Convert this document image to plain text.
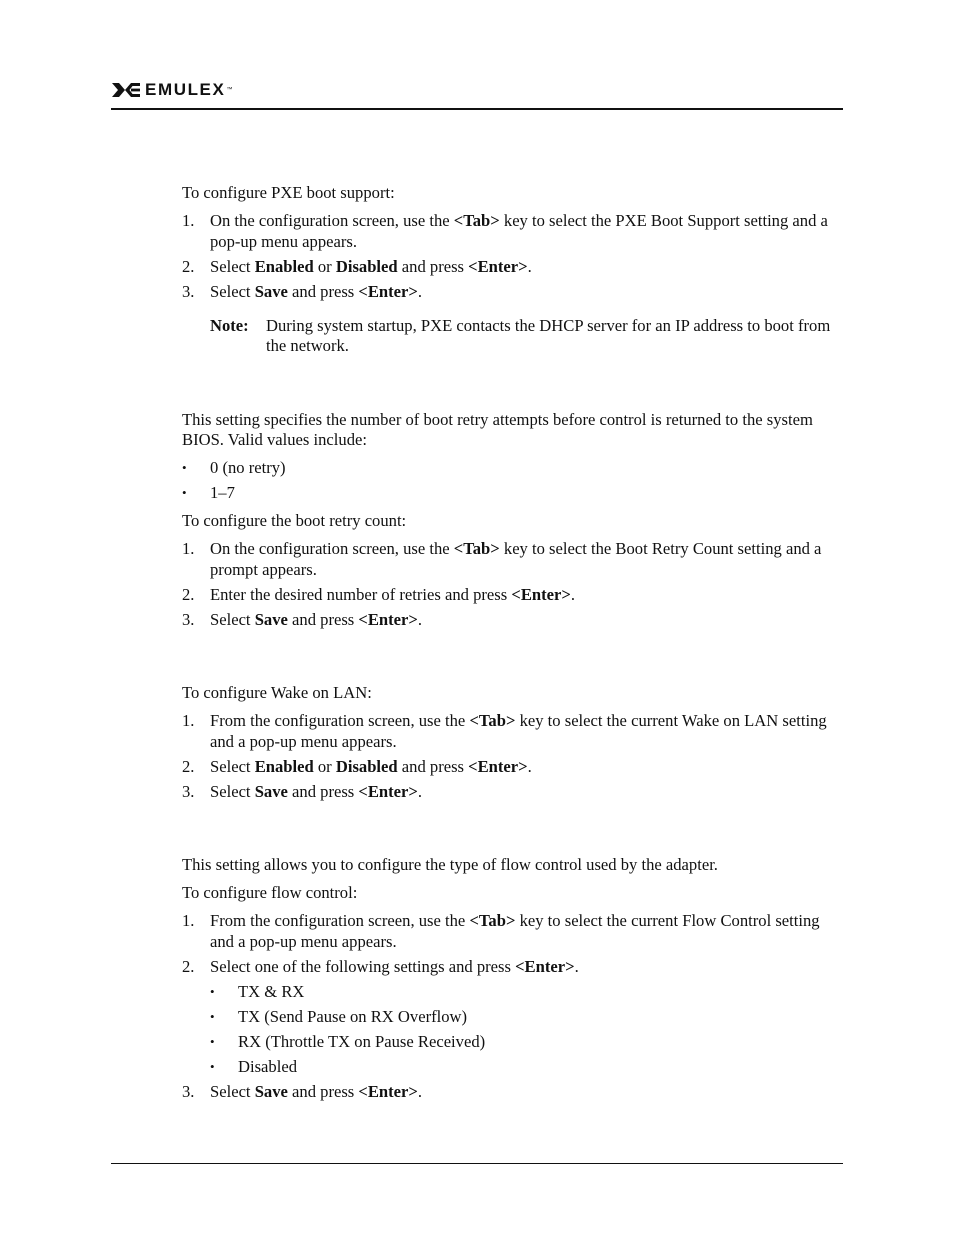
EMULEX ™

To configure PXE boot support:

1. On the configuration screen, use the <Tab> key to select the PXE Boot Support setting and a pop-up menu appears.
2. Select Enabled or Disabled and press <Enter>.
3. Select Save and press <Enter>.
Note: During system startup, PXE contacts the DHCP server for an IP address to boot from the network.

This setting specifies the number of boot retry attempts before control is returned to the system BIOS. Valid values include:

• 0 (no retry)
• 1–7

To configure the boot retry count:

1. On the configuration screen, use the <Tab> key to select the Boot Retry Count setting and a prompt appears.
2. Enter the desired number of retries and press <Enter>.
3. Select Save and press <Enter>.

To configure Wake on LAN:

1. From the configuration screen, use the <Tab> key to select the current Wake on LAN setting and a pop-up menu appears.
2. Select Enabled or Disabled and press <Enter>.
3. Select Save and press <Enter>.

This setting allows you to configure the type of flow control used by the adapter.

To configure flow control:

1. From the configuration screen, use the <Tab> key to select the current Flow Control setting and a pop-up menu appears.
2. Select one of the following settings and press <Enter>.
• TX & RX
• TX (Send Pause on RX Overflow)
• RX (Throttle TX on Pause Received)
• Disabled
3. Select Save and press <Enter>.
